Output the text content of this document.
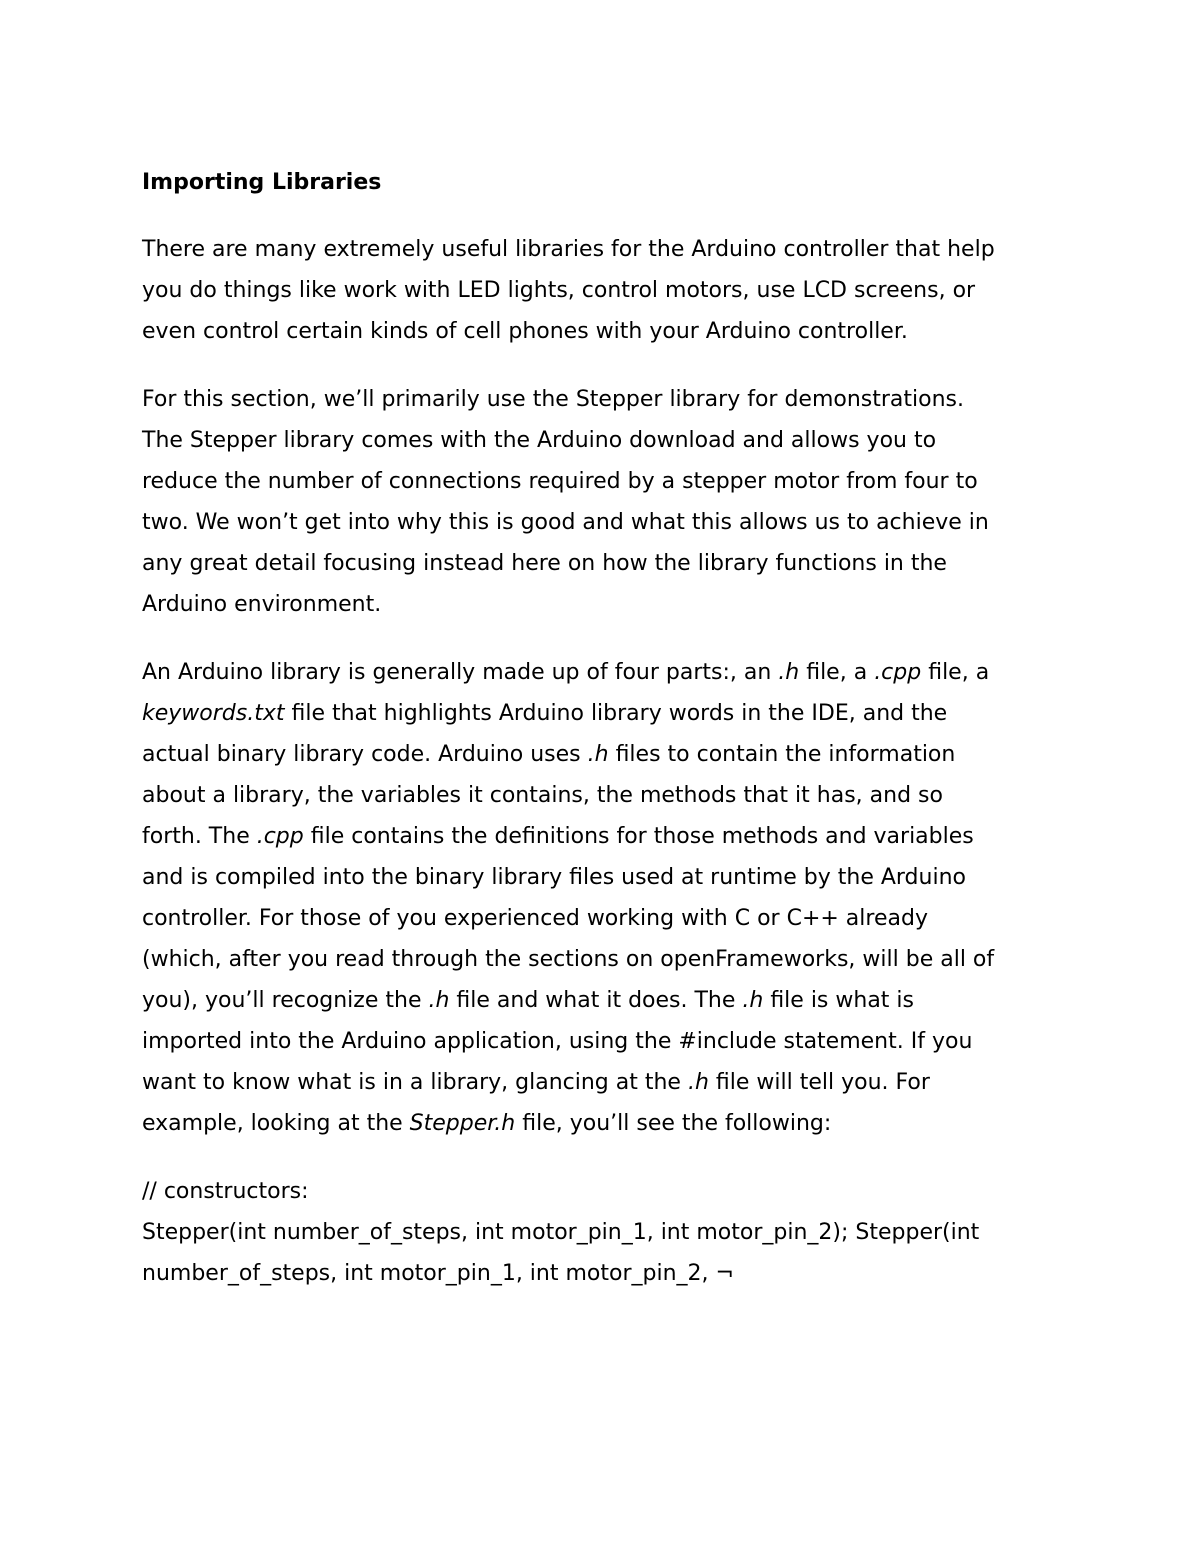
Importing Libraries
There are many extremely useful libraries for the Arduino controller that help
you do things like work with LED lights, control motors, use LCD screens, or
even control certain kinds of cell phones with your Arduino controller.
For this section, we’ll primarily use the Stepper library for demonstrations.
The Stepper library comes with the Arduino download and allows you to
reduce the number of connections required by a stepper motor from four to
two. We won’t get into why this is good and what this allows us to achieve in
any great detail focusing instead here on how the library functions in the
Arduino environment.
An Arduino library is generally made up of four parts:, an .h file, a .cpp file, a
keywords.txt file that highlights Arduino library words in the IDE, and the
actual binary library code. Arduino uses .h files to contain the information
about a library, the variables it contains, the methods that it has, and so
forth. The .cpp file contains the definitions for those methods and variables
and is compiled into the binary library files used at runtime by the Arduino
controller. For those of you experienced working with C or C++ already
(which, after you read through the sections on openFrameworks, will be all of
you), you’ll recognize the .h file and what it does. The .h file is what is
imported into the Arduino application, using the #include statement. If you
want to know what is in a library, glancing at the .h file will tell you. For
example, looking at the Stepper.h file, you’ll see the following:
// constructors:
Stepper(int number_of_steps, int motor_pin_1, int motor_pin_2); Stepper(int
number_of_steps, int motor_pin_1, int motor_pin_2, ¬
